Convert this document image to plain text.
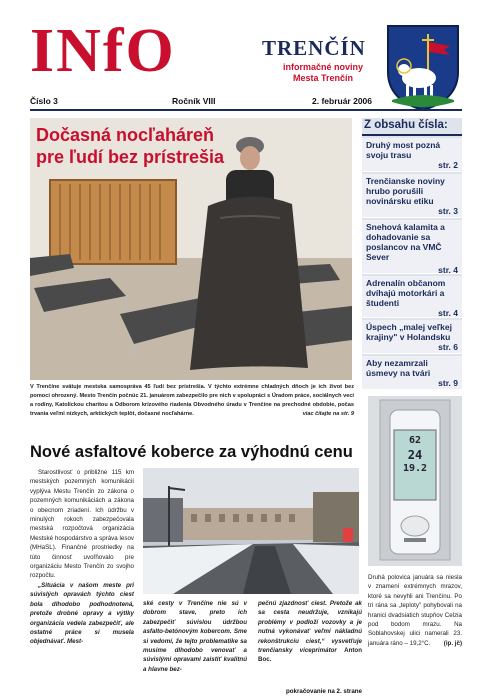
INfO	TRENČÍN
informačné noviny
Mesta Trenčín
Číslo 3	Ročník VIII	2. február 2006
Dočasná nocľaháreň
pre ľudí bez prístrešia
V Trenčíne svätuje mestska samospráva 45 ľudí bez prístrešia. V týchto extrémne chladných dňoch je ich život bez pomoci ohrozený. Mesto Trenčín počnúc 21. januárom zabezpečilo pre nich v spolupráci s Úradom práce, sociálnych vecí a rodiny, Katolíckou charitou a Odborom krízového riadenia Obvodného úradu v Trenčíne na prechodné obdobie, počas trvania veľmi nízkych, arktických teplôt, dočasné nocľahárne.	viac čítajte na str. 9
Z obsahu čísla:
Druhý most pozná svoju trasu
str. 2
Trenčianske noviny hrubo porušili novinársku etiku
str. 3
Snehová kalamita a dohadovanie sa poslancov na VMČ Sever
str. 4
Adrenalín občanom dvíhajú motorkári a študenti
str. 4
Úspech „malej veľkej krajiny" v Holandsku
str. 6
Aby nezamrzali úsmevy na tvári
str. 9
Nové asfaltové koberce za výhodnú cenu

Starostlivosť o približne 115 km mestských pozemných komunikácií vyplýva Mestu Trenčín zo zákona o pozemných komunikáciách a zákona o obecnom zriadení. Ich údržbu v minulých rokoch zabezpečovala mestská rozpočtová organizácia Mestské hospodárstvo a správa lesov (MHaSL). Finančné prostriedky na túto činnosť uvoľňovalo pre organizáciu Mesto Trenčín zo svojho rozpočtu.

„Situácia v našom meste pri súvislých opravách týchto ciest bola dlhodobo podhodnotená, pretože drobné opravy a výtlky organizácia vedela zabezpečiť, ale ostatné práce si musela objednávať. Mest-

ské cesty v Trenčíne nie sú v dobrom stave, preto ich zabezpečiť súvislou údržbou asfalto-betónovým kobercom. Sme si vedomí, že tejto problematike sa musíme dlhodobo venovať a súvislými opravami zaistiť kvalitnú a hlavne bez-
pečnú zjazdnosť ciest. Pretože ak sa cesta neudržuje, vznikajú problémy v podloží vozovky a je nutná vykonávať veľmi nákladnú rekonštrukciu ciest,“ vysvetľuje trenčiansky viceprimátor Anton Boc.
pokračovanie na 2. strane
62
24
19.2
Druhá polovica januára sa niesla v znamení extrémnych mrazov, ktoré sa nevyhli ani Trenčínu. Po tri rána sa „teploty" pohybovali na hranici dvadsiatich stupňov Celzia pod bodom mrazu. Na Soblahovskej ulici namerali 23. januára ráno – 19,2°C. (ip. jč)
